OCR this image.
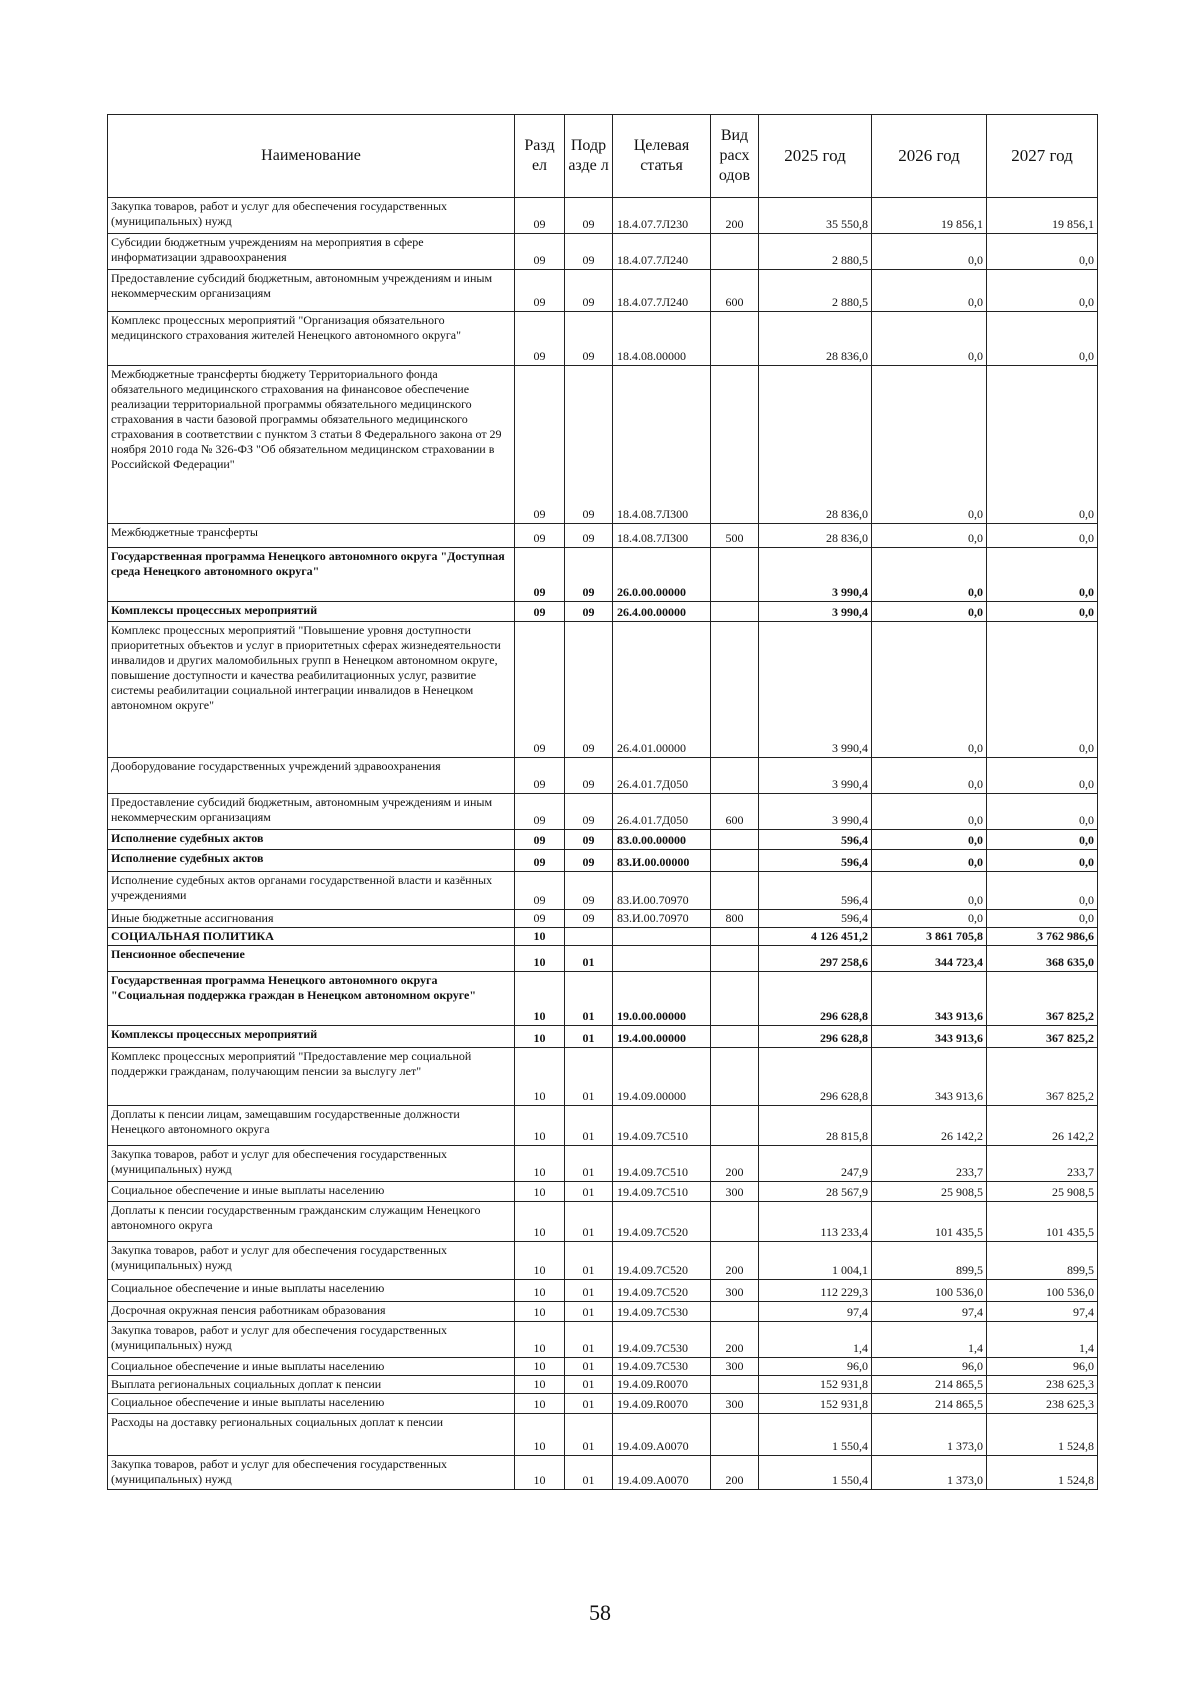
Наименование	Разд ел	Подр азде л	Целевая статья	Вид расх одов	2025 год	2026 год	2027 год
Закупка товаров, работ и услуг для обеспечения государственных (муниципальных) нужд	09	09	18.4.07.7Л230	200	35 550,8	19 856,1	19 856,1
Субсидии бюджетным учреждениям на мероприятия в сфере информатизации здравоохранения	09	09	18.4.07.7Л240		2 880,5	0,0	0,0
Предоставление субсидий бюджетным, автономным учреждениям и иным некоммерческим организациям	09	09	18.4.07.7Л240	600	2 880,5	0,0	0,0
Комплекс процессных мероприятий "Организация обязательного медицинского страхования жителей Ненецкого автономного округа"	09	09	18.4.08.00000		28 836,0	0,0	0,0
Межбюджетные трансферты бюджету Территориального фонда обязательного медицинского страхования на финансовое обеспечение реализации территориальной программы обязательного медицинского страхования в части базовой программы обязательного медицинского страхования в соответствии с пунктом 3 статьи 8 Федерального закона от 29 ноября 2010 года № 326-ФЗ "Об обязательном медицинском страховании в Российской Федерации"	09	09	18.4.08.7Л300		28 836,0	0,0	0,0
Межбюджетные трансферты	09	09	18.4.08.7Л300	500	28 836,0	0,0	0,0
Государственная программа Ненецкого автономного округа "Доступная среда Ненецкого автономного округа"	09	09	26.0.00.00000		3 990,4	0,0	0,0
Комплексы процессных мероприятий	09	09	26.4.00.00000		3 990,4	0,0	0,0
Комплекс процессных мероприятий "Повышение уровня доступности приоритетных объектов и услуг в приоритетных сферах жизнедеятельности инвалидов и других маломобильных групп в Ненецком автономном округе, повышение доступности и качества реабилитационных услуг, развитие системы реабилитации социальной интеграции инвалидов в Ненецком автономном округе"	09	09	26.4.01.00000		3 990,4	0,0	0,0
Дооборудование государственных учреждений здравоохранения	09	09	26.4.01.7Д050		3 990,4	0,0	0,0
Предоставление субсидий бюджетным, автономным учреждениям и иным некоммерческим организациям	09	09	26.4.01.7Д050	600	3 990,4	0,0	0,0
Исполнение судебных актов	09	09	83.0.00.00000		596,4	0,0	0,0
Исполнение судебных актов	09	09	83.И.00.00000		596,4	0,0	0,0
Исполнение судебных актов органами государственной власти и казённых учреждениями	09	09	83.И.00.70970		596,4	0,0	0,0
Иные бюджетные ассигнования	09	09	83.И.00.70970	800	596,4	0,0	0,0
СОЦИАЛЬНАЯ ПОЛИТИКА	10				4 126 451,2	3 861 705,8	3 762 986,6
Пенсионное обеспечение	10	01			297 258,6	344 723,4	368 635,0
Государственная программа Ненецкого автономного округа "Социальная поддержка граждан в Ненецком автономном округе"	10	01	19.0.00.00000		296 628,8	343 913,6	367 825,2
Комплексы процессных мероприятий	10	01	19.4.00.00000		296 628,8	343 913,6	367 825,2
Комплекс процессных мероприятий "Предоставление мер социальной поддержки гражданам, получающим пенсии за выслугу лет"	10	01	19.4.09.00000		296 628,8	343 913,6	367 825,2
Доплаты к пенсии лицам, замещавшим государственные должности Ненецкого автономного округа	10	01	19.4.09.7С510		28 815,8	26 142,2	26 142,2
Закупка товаров, работ и услуг для обеспечения государственных (муниципальных) нужд	10	01	19.4.09.7С510	200	247,9	233,7	233,7
Социальное обеспечение и иные выплаты населению	10	01	19.4.09.7С510	300	28 567,9	25 908,5	25 908,5
Доплаты к пенсии государственным гражданским служащим Ненецкого автономного округа	10	01	19.4.09.7С520		113 233,4	101 435,5	101 435,5
Закупка товаров, работ и услуг для обеспечения государственных (муниципальных) нужд	10	01	19.4.09.7С520	200	1 004,1	899,5	899,5
Социальное обеспечение и иные выплаты населению	10	01	19.4.09.7С520	300	112 229,3	100 536,0	100 536,0
Досрочная окружная пенсия работникам образования	10	01	19.4.09.7С530		97,4	97,4	97,4
Закупка товаров, работ и услуг для обеспечения государственных (муниципальных) нужд	10	01	19.4.09.7С530	200	1,4	1,4	1,4
Социальное обеспечение и иные выплаты населению	10	01	19.4.09.7С530	300	96,0	96,0	96,0
Выплата региональных социальных доплат к пенсии	10	01	19.4.09.R0070		152 931,8	214 865,5	238 625,3
Социальное обеспечение и иные выплаты населению	10	01	19.4.09.R0070	300	152 931,8	214 865,5	238 625,3
Расходы на доставку региональных социальных доплат к пенсии	10	01	19.4.09.А0070		1 550,4	1 373,0	1 524,8
Закупка товаров, работ и услуг для обеспечения государственных (муниципальных) нужд	10	01	19.4.09.А0070	200	1 550,4	1 373,0	1 524,8
58
